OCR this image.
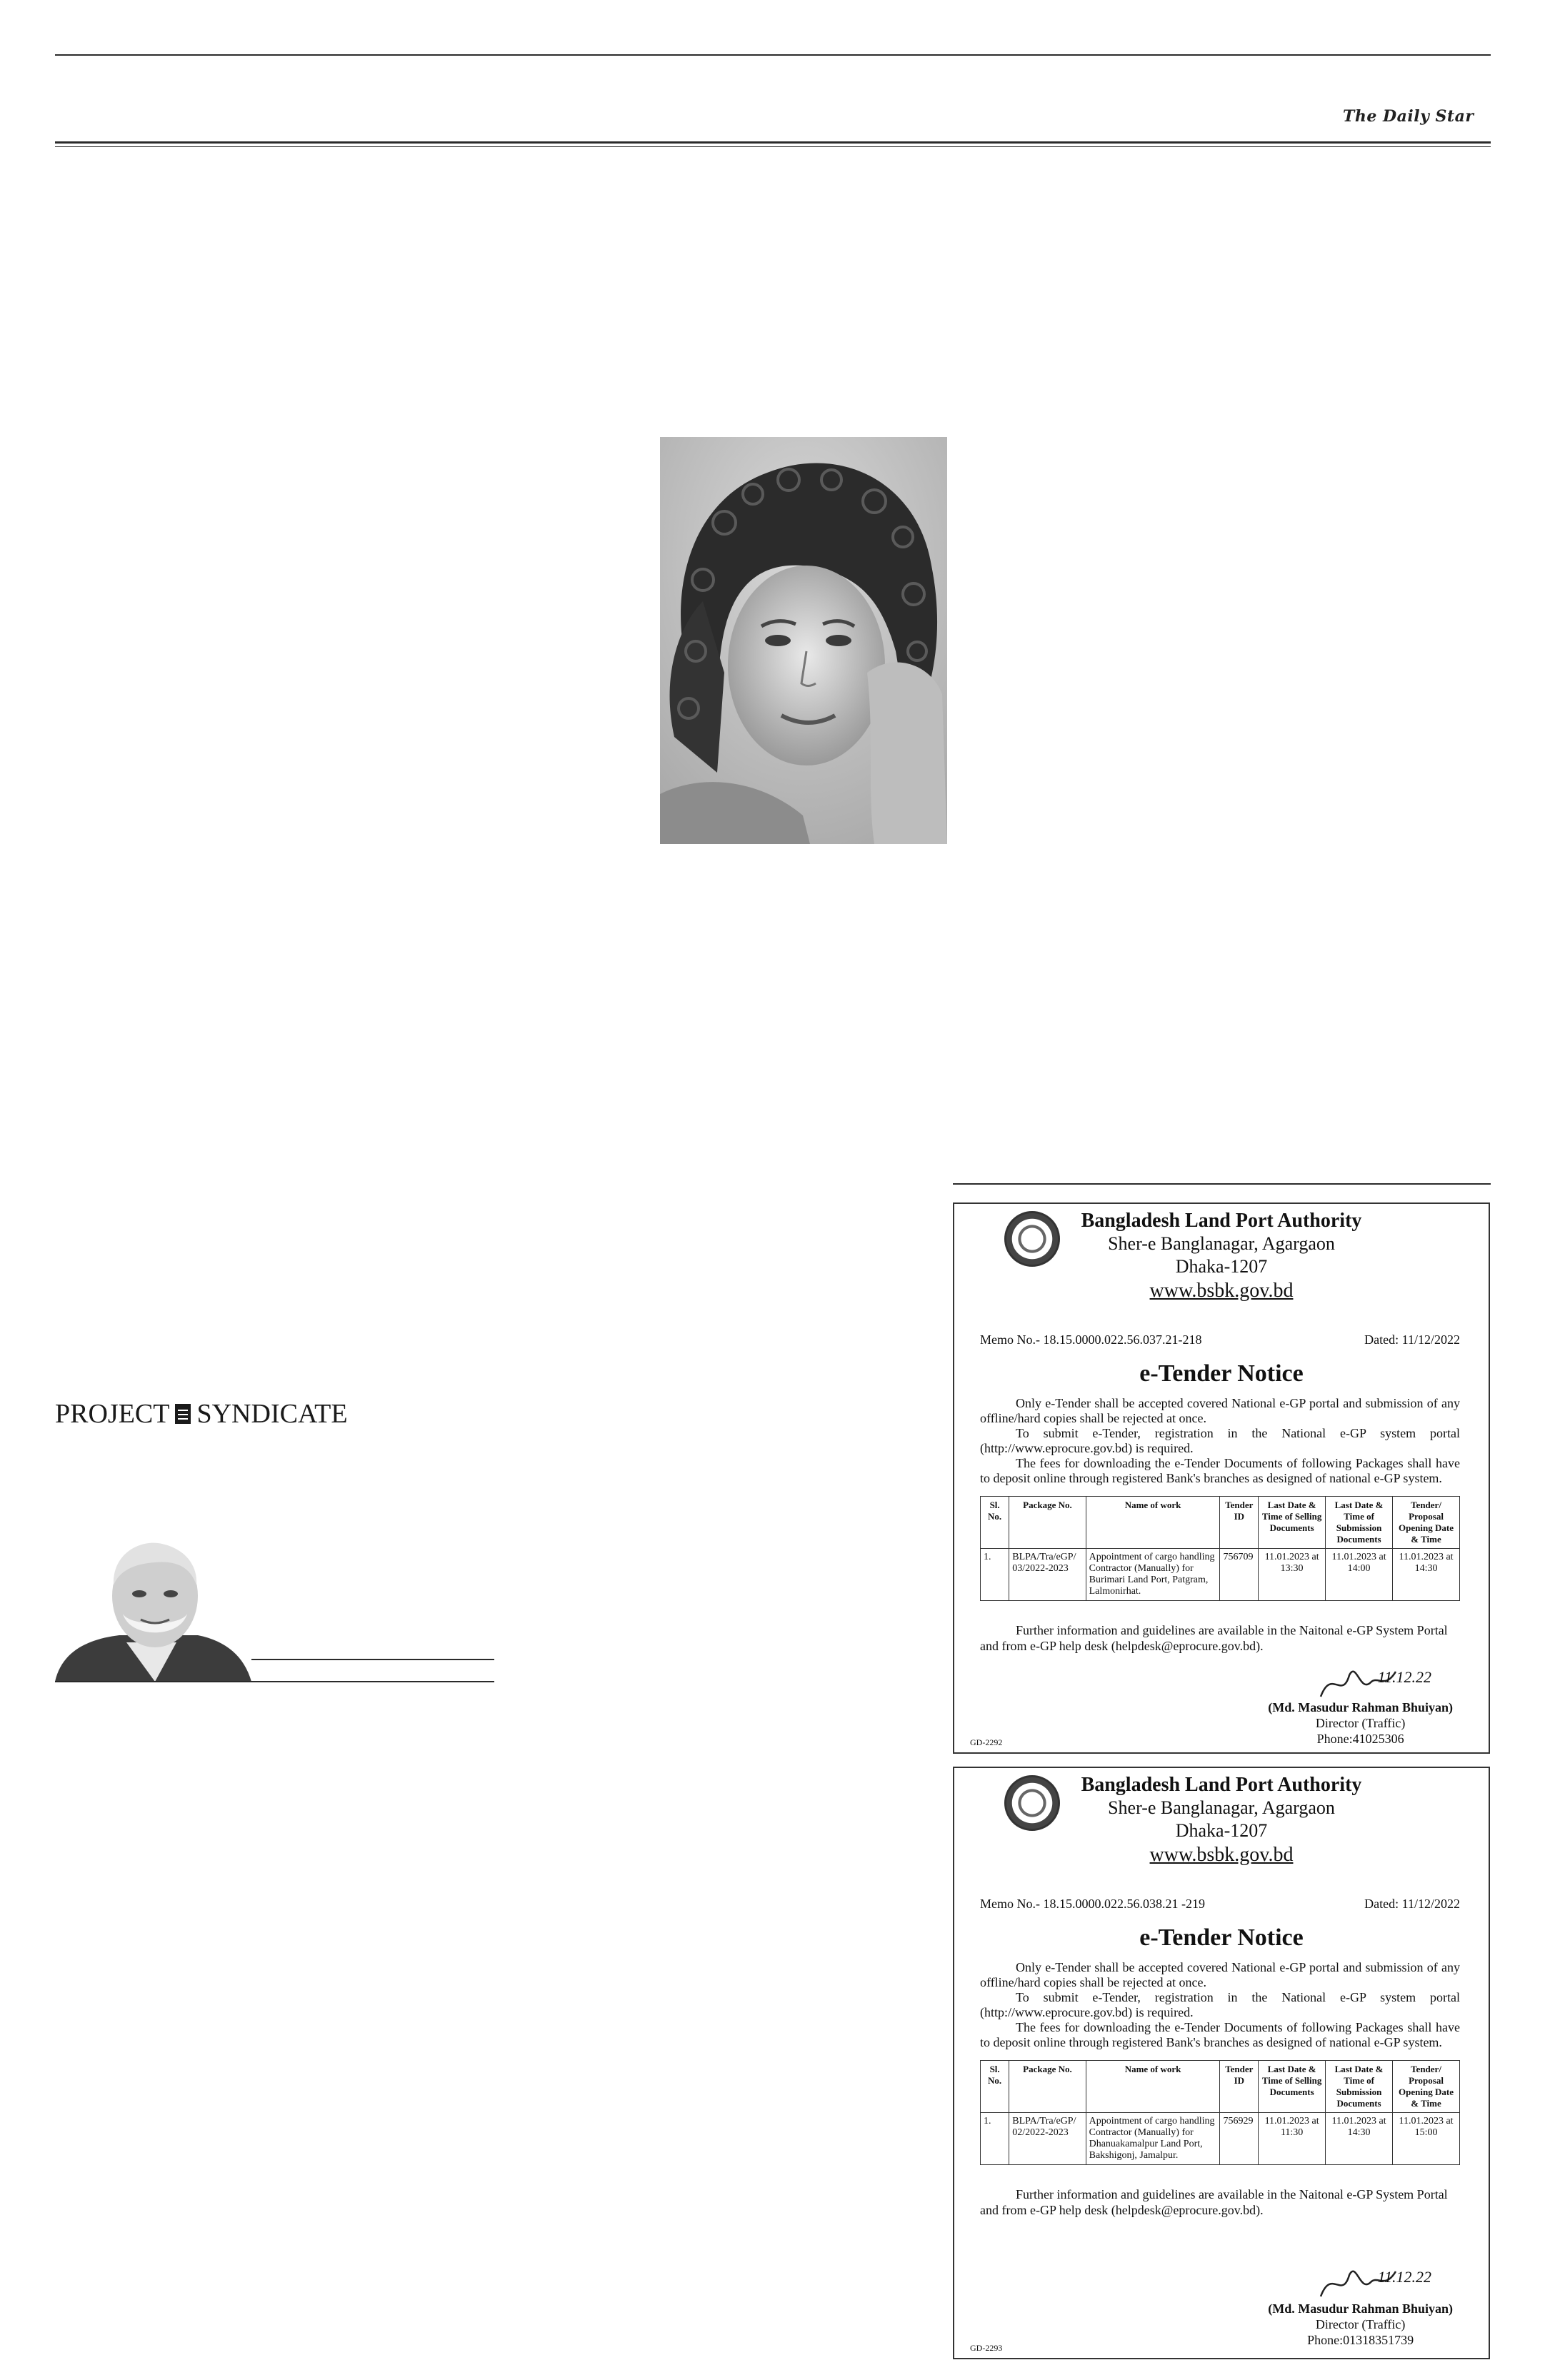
The Daily Star
PROJECT SYNDICATE
Bangladesh Land Port Authority
Sher-e Banglanagar, Agargaon
Dhaka-1207
www.bsbk.gov.bd
Memo No.- 18.15.0000.022.56.037.21-218	Dated: 11/12/2022
e-Tender Notice

Only e-Tender shall be accepted covered National e-GP portal and submission of any offline/hard copies shall be rejected at once.

To submit e-Tender, registration in the National e-GP system portal (http://www.eprocure.gov.bd) is required.

The fees for downloading the e-Tender Documents of following Packages shall have to deposit online through registered Bank's branches as designed of national e-GP system.

Sl. No.	Package No.	Name of work	Tender ID	Last Date & Time of Selling Documents	Last Date & Time of Submission Documents	Tender/ Proposal Opening Date & Time
1.	BLPA/Tra/eGP/ 03/2022-2023	Appointment of cargo handling Contractor (Manually) for Burimari Land Port, Patgram, Lalmonirhat.	756709	11.01.2023 at 13:30	11.01.2023 at 14:00	11.01.2023 at 14:30

Further information and guidelines are available in the Naitonal e-GP System Portal and from e-GP help desk (helpdesk@eprocure.gov.bd).

11.12.22
(Md. Masudur Rahman Bhuiyan)
Director (Traffic)
Phone:41025306
GD-2292
Bangladesh Land Port Authority
Sher-e Banglanagar, Agargaon
Dhaka-1207
www.bsbk.gov.bd
Memo No.- 18.15.0000.022.56.038.21 -219	Dated: 11/12/2022
e-Tender Notice

Only e-Tender shall be accepted covered National e-GP portal and submission of any offline/hard copies shall be rejected at once.

To submit e-Tender, registration in the National e-GP system portal (http://www.eprocure.gov.bd) is required.

The fees for downloading the e-Tender Documents of following Packages shall have to deposit online through registered Bank's branches as designed of national e-GP system.

Sl. No.	Package No.	Name of work	Tender ID	Last Date & Time of Selling Documents	Last Date & Time of Submission Documents	Tender/ Proposal Opening Date & Time
1.	BLPA/Tra/eGP/ 02/2022-2023	Appointment of cargo handling Contractor (Manually) for Dhanuakamalpur Land Port, Bakshigonj, Jamalpur.	756929	11.01.2023 at 11:30	11.01.2023 at 14:30	11.01.2023 at 15:00

Further information and guidelines are available in the Naitonal e-GP System Portal and from e-GP help desk (helpdesk@eprocure.gov.bd).

11.12.22
(Md. Masudur Rahman Bhuiyan)
Director (Traffic)
Phone:01318351739
GD-2293
